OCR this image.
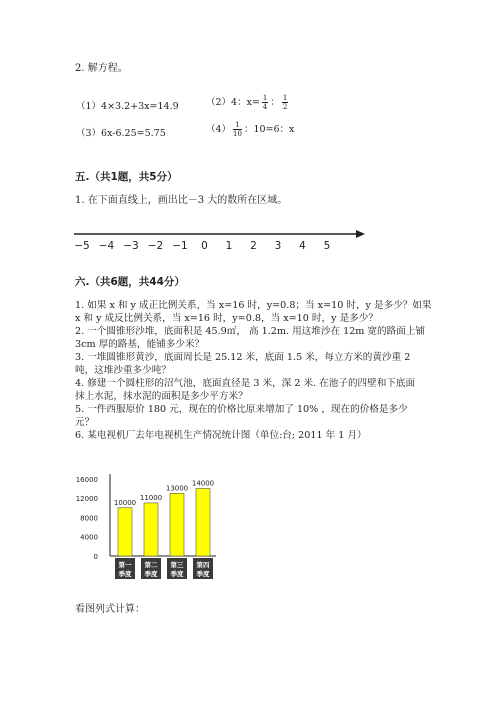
2. 解方程。
（1）4×3.2+3x=14.9	（2）4：$x= \frac{1}{4}$ ： $\frac{1}{2}$
（3）6x-6.25=5.75	$(4) \frac{1}{10}$ ：10=6：x
五.（共1题，共5分）
1. 在下面直线上，画出比－3 大的数所在区域。
−5 −4 −3 −2 −1 0 1 2 3 4 5
六.（共6题，共44分）
1. 如果 x 和 y 成正比例关系，当 x=16 时，y=0.8；当 x=10 时，y 是多少？如果
x 和 y 成反比例关系，当 x=16 时，y=0.8，当 x=10 时，y 是多少？
2. 一个圆锥形沙堆，底面积是 45.9㎡， 高 1.2m. 用这堆沙在 12m 宽的路面上铺
3cm 厚的路基，能铺多少米？
3. 一堆圆锥形黄沙，底面周长是 25.12 米，底面 1.5 米，每立方米的黄沙重 2
吨，这堆沙重多少吨？
4. 修建一个圆柱形的沼气池，底面直径是 3 米，深 2 米. 在池子的四壁和下底面
抹上水泥，抹水泥的面积是多少平方米？
5. 一件西服原价 180 元，现在的价格比原来增加了 10% ，现在的价格是多少
元？
6. 某电视机厂去年电视机生产情况统计图（单位:台; 2011 年 1 月）
0
4000
8000
12000
16000
10000
第一
季度
11000
第二
季度
13000
第三
季度
14000
第四
季度
看图列式计算：
